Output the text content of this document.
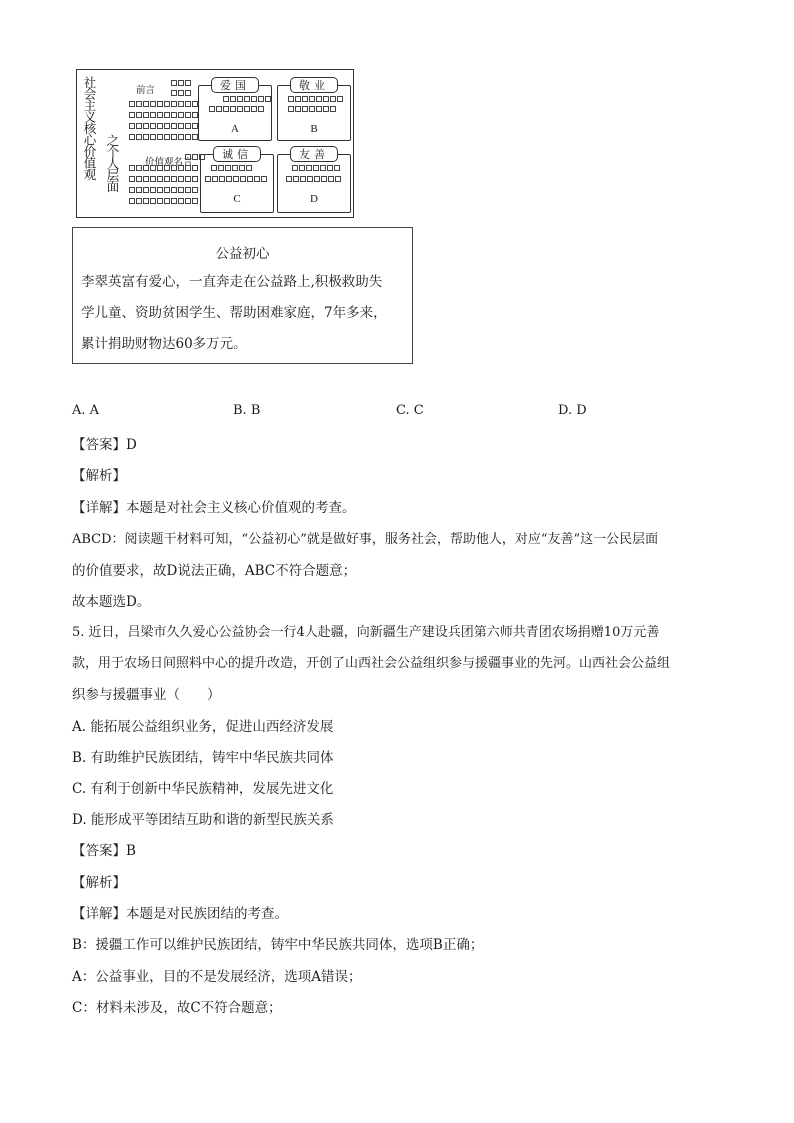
社会主义核心价值观 之个人层面
前言
价值观名言
爱国
A
敬业
B
诚信
C
友善
D
公益初心
李翠英富有爱心，一直奔走在公益路上,积极救助失
学儿童、资助贫困学生、帮助困难家庭，7年多来，
累计捐助财物达60多万元。
A. A	B. B	C. C	D. D
【答案】D
【解析】
【详解】本题是对社会主义核心价值观的考查。
ABCD：阅读题干材料可知，“公益初心”就是做好事，服务社会，帮助他人，对应“友善”这一公民层面
的价值要求，故D说法正确，ABC不符合题意；
故本题选D。
5. 近日，吕梁市久久爱心公益协会一行4人赴疆，向新疆生产建设兵团第六师共青团农场捐赠10万元善
款，用于农场日间照料中心的提升改造，开创了山西社会公益组织参与援疆事业的先河。山西社会公益组
织参与援疆事业（　　）
A. 能拓展公益组织业务，促进山西经济发展
B. 有助维护民族团结，铸牢中华民族共同体
C. 有利于创新中华民族精神，发展先进文化
D. 能形成平等团结互助和谐的新型民族关系
【答案】B
【解析】
【详解】本题是对民族团结的考查。
B：援疆工作可以维护民族团结，铸牢中华民族共同体，选项B正确；
A：公益事业，目的不是发展经济，选项A错误；
C：材料未涉及，故C不符合题意；
